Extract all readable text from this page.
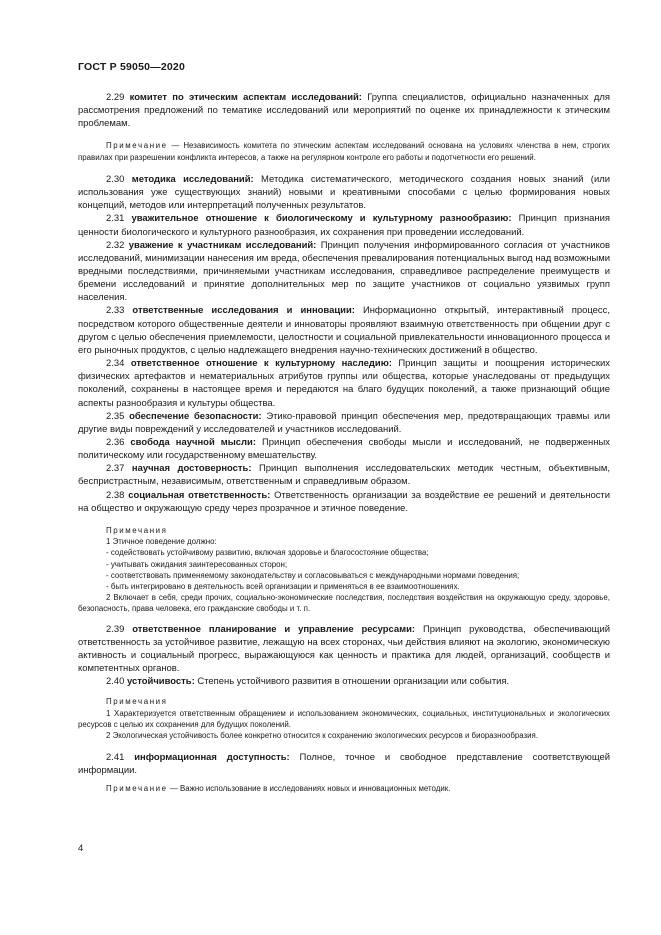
ГОСТ Р 59050—2020

2.29 комитет по этическим аспектам исследований: Группа специалистов, официально назначенных для рассмотрения предложений по тематике исследований или мероприятий по оценке их принадлежности к этическим проблемам.

Примечание — Независимость комитета по этическим аспектам исследований основана на условиях членства в нем, строгих правилах при разрешении конфликта интересов, а также на регулярном контроле его работы и подотчетности его решений.

2.30 методика исследований: Методика систематического, методического создания новых знаний (или использования уже существующих знаний) новыми и креативными способами с целью формирования новых концепций, методов или интерпретаций полученных результатов.

2.31 уважительное отношение к биологическому и культурному разнообразию: Принцип признания ценности биологического и культурного разнообразия, их сохранения при проведении исследований.

2.32 уважение к участникам исследований: Принцип получения информированного согласия от участников исследований, минимизации нанесения им вреда, обеспечения превалирования потенциальных выгод над возможными вредными последствиями, причиняемыми участникам исследования, справедливое распределение преимуществ и бремени исследований и принятие дополнительных мер по защите участников от социально уязвимых групп населения.

2.33 ответственные исследования и инновации: Информационно открытый, интерактивный процесс, посредством которого общественные деятели и инноваторы проявляют взаимную ответственность при общении друг с другом с целью обеспечения приемлемости, целостности и социальной привлекательности инновационного процесса и его рыночных продуктов, с целью надлежащего внедрения научно-технических достижений в общество.

2.34 ответственное отношение к культурному наследию: Принцип защиты и поощрения исторических физических артефактов и нематериальных атрибутов группы или общества, которые унаследованы от предыдущих поколений, сохранены в настоящее время и передаются на благо будущих поколений, а также признающий общие аспекты разнообразия и культуры общества.

2.35 обеспечение безопасности: Этико-правовой принцип обеспечения мер, предотвращающих травмы или другие виды повреждений у исследователей и участников исследований.

2.36 свобода научной мысли: Принцип обеспечения свободы мысли и исследований, не подверженных политическому или государственному вмешательству.

2.37 научная достоверность: Принцип выполнения исследовательских методик честным, объективным, беспристрастным, независимым, ответственным и справедливым образом.

2.38 социальная ответственность: Ответственность организации за воздействие ее решений и деятельности на общество и окружающую среду через прозрачное и этичное поведение.

Примечания
1 Этичное поведение должно:
- содействовать устойчивому развитию, включая здоровье и благосостояние общества;
- учитывать ожидания заинтересованных сторон;
- соответствовать применяемому законодательству и согласовываться с международными нормами поведения;
- быть интегрировано в деятельность всей организации и применяться в ее взаимоотношениях.

2 Включает в себя, среди прочих, социально-экономические последствия, последствия воздействия на окружающую среду, здоровье, безопасность, права человека, его гражданские свободы и т. п.

2.39 ответственное планирование и управление ресурсами: Принцип руководства, обеспечивающий ответственность за устойчивое развитие, лежащую на всех сторонах, чьи действия влияют на экологию, экономическую активность и социальный прогресс, выражающуюся как ценность и практика для людей, организаций, сообществ и компетентных органов.

2.40 устойчивость: Степень устойчивого развития в отношении организации или события.

Примечания

1 Характеризуется ответственным обращением и использованием экономических, социальных, институциональных и экологических ресурсов с целью их сохранения для будущих поколений.

2 Экологическая устойчивость более конкретно относится к сохранению экологических ресурсов и биоразнообразия.

2.41 информационная доступность: Полное, точное и свободное представление соответствующей информации.

Примечание — Важно использование в исследованиях новых и инновационных методик.

4
